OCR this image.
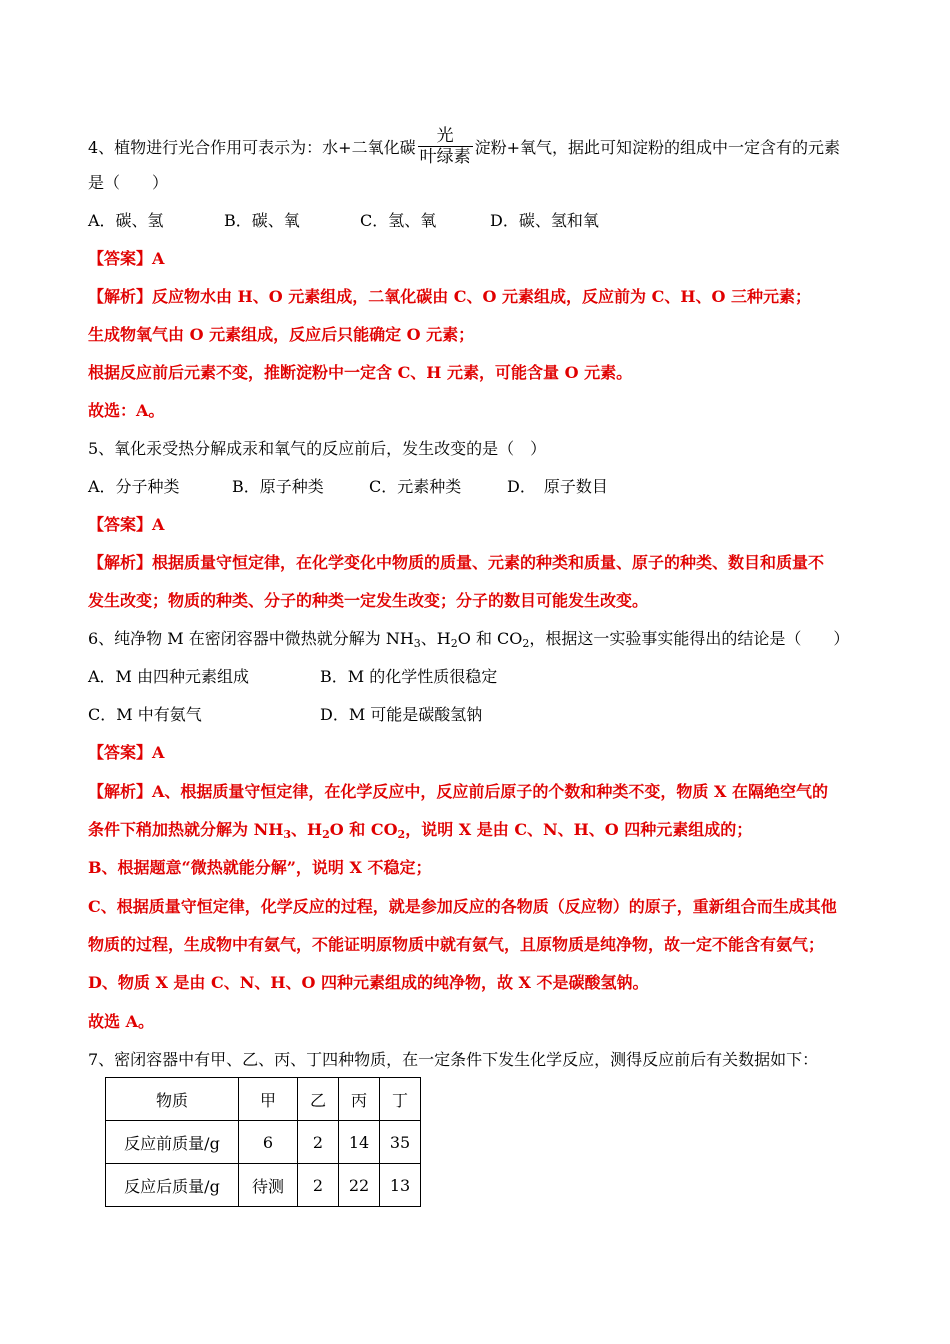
4、植物进行光合作用可表示为：水+二氧化碳 $\frac{\text{光}}{\text{叶绿素}}$ 淀粉+氧气，据此可知淀粉的组成中一定含有的元素
是（　　）
A．碳、氢	B．碳、氧	C．氢、氧	D．碳、氢和氧
【答案】A
【解析】反应物水由 H、O 元素组成，二氧化碳由 C、O 元素组成，反应前为 C、H、O 三种元素；
生成物氧气由 O 元素组成，反应后只能确定 O 元素；
根据反应前后元素不变，推断淀粉中一定含 C、H 元素，可能含量 O 元素。
故选：A。
5、氧化汞受热分解成汞和氧气的反应前后，发生改变的是（　）
A．分子种类	B．原子种类	C．元素种类	D．　原子数目
【答案】A
【解析】根据质量守恒定律，在化学变化中物质的质量、元素的种类和质量、原子的种类、数目和质量不
发生改变；物质的种类、分子的种类一定发生改变；分子的数目可能发生改变。
6、纯净物 M 在密闭容器中微热就分解为 $NH_3$、$H_2O$ 和 $CO_2$，根据这一实验事实能得出的结论是（　　）
A．M 由四种元素组成	B．M 的化学性质很稳定
C．M 中有氨气	D．M 可能是碳酸氢钠
【答案】A
【解析】A、根据质量守恒定律，在化学反应中，反应前后原子的个数和种类不变，物质 X 在隔绝空气的
条件下稍加热就分解为 $NH_3$、$H_2O$ 和 $CO_2$，说明 X 是由 C、N、H、O 四种元素组成的；
B、根据题意“微热就能分解”，说明 X 不稳定；
C、根据质量守恒定律，化学反应的过程，就是参加反应的各物质（反应物）的原子，重新组合而生成其他
物质的过程，生成物中有氨气，不能证明原物质中就有氨气，且原物质是纯净物，故一定不能含有氨气；
D、物质 X 是由 C、N、H、O 四种元素组成的纯净物，故 X 不是碳酸氢钠。
故选 A。
7、密闭容器中有甲、乙、丙、丁四种物质，在一定条件下发生化学反应，测得反应前后有关数据如下：
物质	甲	乙	丙	丁
反应前质量/g	6	2	14	35
反应后质量/g	待测	2	22	13
